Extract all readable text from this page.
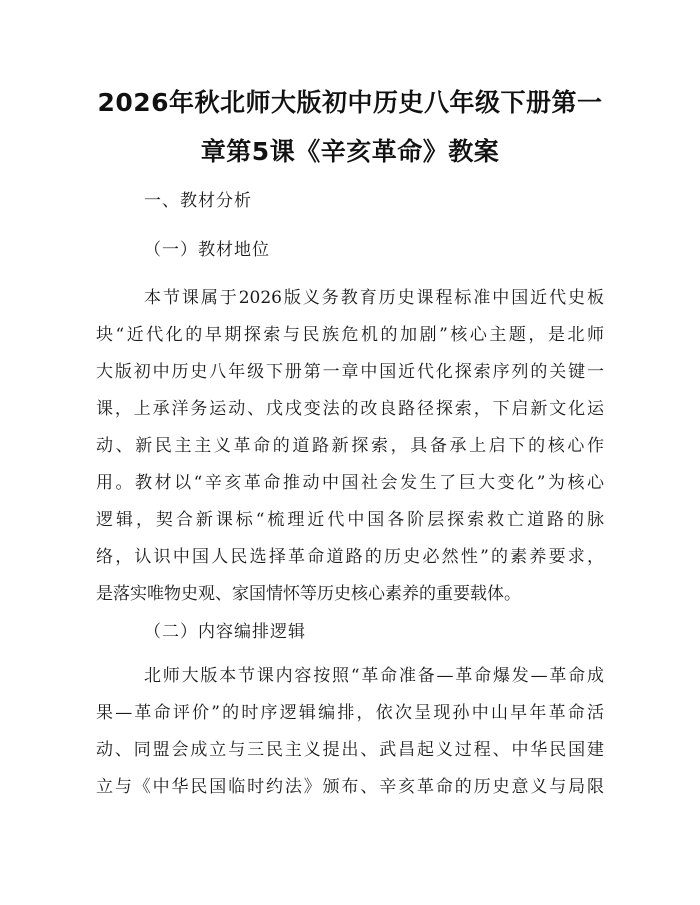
2026年秋北师大版初中历史八年级下册第一
章第5课《辛亥革命》教案
一、教材分析
（一）教材地位
本节课属于2026版义务教育历史课程标准中国近代史板
块“近代化的早期探索与民族危机的加剧”核心主题，是北师
大版初中历史八年级下册第一章中国近代化探索序列的关键一
课，上承洋务运动、戊戌变法的改良路径探索，下启新文化运
动、新民主主义革命的道路新探索，具备承上启下的核心作
用。教材以“辛亥革命推动中国社会发生了巨大变化”为核心
逻辑，契合新课标“梳理近代中国各阶层探索救亡道路的脉
络，认识中国人民选择革命道路的历史必然性”的素养要求，
是落实唯物史观、家国情怀等历史核心素养的重要载体。
（二）内容编排逻辑
北师大版本节课内容按照“革命准备—革命爆发—革命成
果—革命评价”的时序逻辑编排，依次呈现孙中山早年革命活
动、同盟会成立与三民主义提出、武昌起义过程、中华民国建
立与《中华民国临时约法》颁布、辛亥革命的历史意义与局限
